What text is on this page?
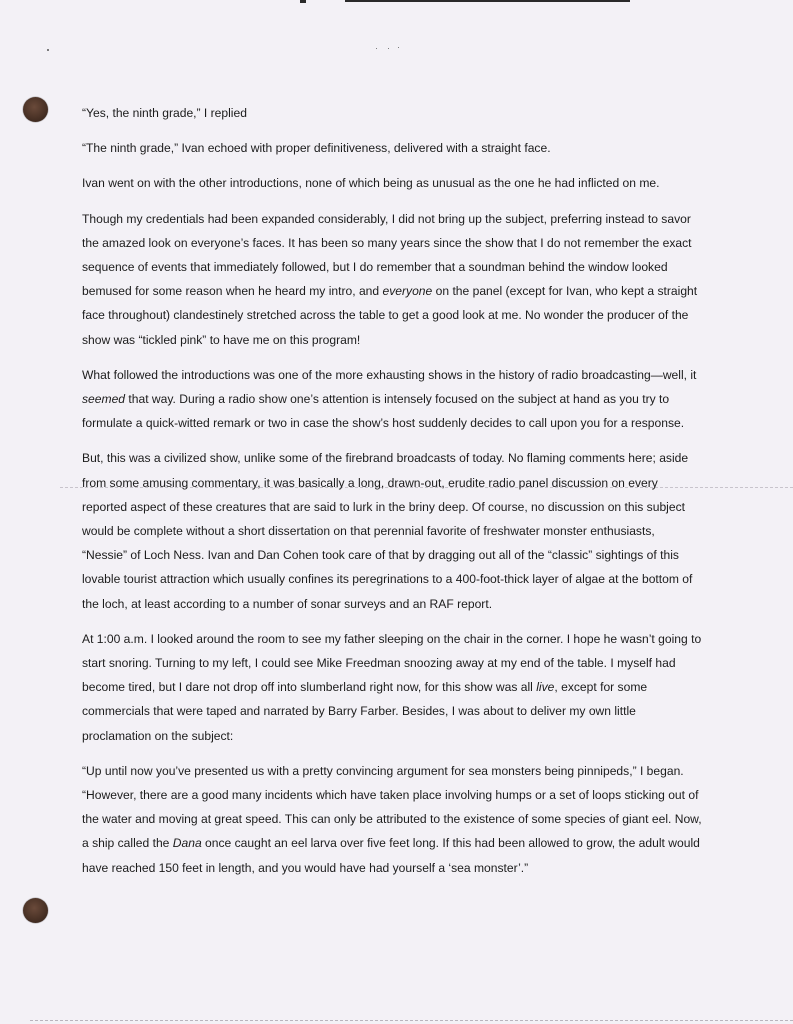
“Yes, the ninth grade,” I replied

“The ninth grade,” Ivan echoed with proper definitiveness, delivered with a straight face.

Ivan went on with the other introductions, none of which being as unusual as the one he had inflicted on me.

Though my credentials had been expanded considerably, I did not bring up the subject, preferring instead to savor the amazed look on everyone’s faces. It has been so many years since the show that I do not remember the exact sequence of events that immediately followed, but I do remember that a soundman behind the window looked bemused for some reason when he heard my intro, and everyone on the panel (except for Ivan, who kept a straight face throughout) clandestinely stretched across the table to get a good look at me. No wonder the producer of the show was “tickled pink” to have me on this program!

What followed the introductions was one of the more exhausting shows in the history of radio broadcasting—well, it seemed that way. During a radio show one’s attention is intensely focused on the subject at hand as you try to formulate a quick-witted remark or two in case the show’s host suddenly decides to call upon you for a response.

But, this was a civilized show, unlike some of the firebrand broadcasts of today. No flaming comments here; aside from some amusing commentary, it was basically a long, drawn-out, erudite radio panel discussion on every reported aspect of these creatures that are said to lurk in the briny deep. Of course, no discussion on this subject would be complete without a short dissertation on that perennial favorite of freshwater monster enthusiasts, “Nessie” of Loch Ness. Ivan and Dan Cohen took care of that by dragging out all of the “classic” sightings of this lovable tourist attraction which usually confines its peregrinations to a 400-foot-thick layer of algae at the bottom of the loch, at least according to a number of sonar surveys and an RAF report.

At 1:00 a.m. I looked around the room to see my father sleeping on the chair in the corner. I hope he wasn’t going to start snoring. Turning to my left, I could see Mike Freedman snoozing away at my end of the table. I myself had become tired, but I dare not drop off into slumberland right now, for this show was all live, except for some commercials that were taped and narrated by Barry Farber. Besides, I was about to deliver my own little proclamation on the subject:

“Up until now you’ve presented us with a pretty convincing argument for sea monsters being pinnipeds,” I began. “However, there are a good many incidents which have taken place involving humps or a set of loops sticking out of the water and moving at great speed. This can only be attributed to the existence of some species of giant eel. Now, a ship called the Dana once caught an eel larva over five feet long. If this had been allowed to grow, the adult would have reached 150 feet in length, and you would have had yourself a ‘sea monster’.”
